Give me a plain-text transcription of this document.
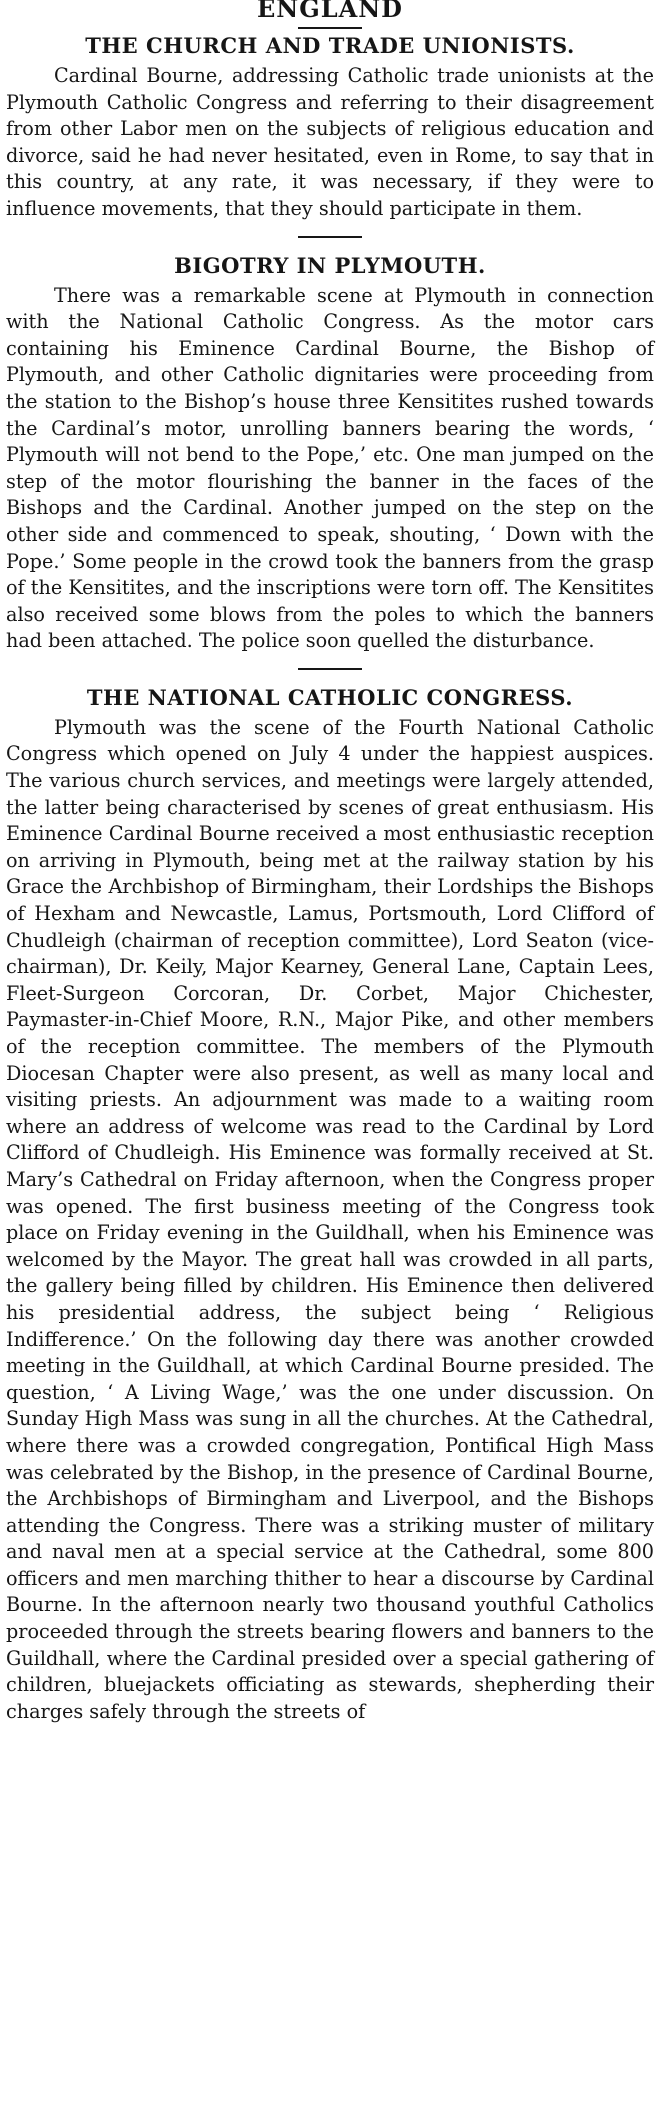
ENGLAND
THE CHURCH AND TRADE UNIONISTS.

Cardinal Bourne, addressing Catholic trade unionists at the Plymouth Catholic Congress and referring to their disagreement from other Labor men on the subjects of religious education and divorce, said he had never hesitated, even in Rome, to say that in this country, at any rate, it was necessary, if they were to influence movements, that they should participate in them.

BIGOTRY IN PLYMOUTH.

There was a remarkable scene at Plymouth in connection with the National Catholic Congress. As the motor cars containing his Eminence Cardinal Bourne, the Bishop of Plymouth, and other Catholic dignitaries were proceeding from the station to the Bishop’s house three Kensitites rushed towards the Cardinal’s motor, unrolling banners bearing the words, ‘ Plymouth will not bend to the Pope,’ etc. One man jumped on the step of the motor flourishing the banner in the faces of the Bishops and the Cardinal. Another jumped on the step on the other side and commenced to speak, shouting, ‘ Down with the Pope.’ Some people in the crowd took the banners from the grasp of the Kensitites, and the inscriptions were torn off. The Kensitites also received some blows from the poles to which the banners had been attached. The police soon quelled the disturbance.

THE NATIONAL CATHOLIC CONGRESS.

Plymouth was the scene of the Fourth National Catholic Congress which opened on July 4 under the happiest auspices. The various church services, and meetings were largely attended, the latter being characterised by scenes of great enthusiasm. His Eminence Cardinal Bourne received a most enthusiastic reception on arriving in Plymouth, being met at the railway station by his Grace the Archbishop of Birmingham, their Lordships the Bishops of Hexham and Newcastle, Lamus, Portsmouth, Lord Clifford of Chudleigh (chairman of reception committee), Lord Seaton (vice-chairman), Dr. Keily, Major Kearney, General Lane, Captain Lees, Fleet-Surgeon Corcoran, Dr. Corbet, Major Chichester, Paymaster-in-Chief Moore, R.N., Major Pike, and other members of the reception committee. The members of the Plymouth Diocesan Chapter were also present, as well as many local and visiting priests. An adjournment was made to a waiting room where an address of welcome was read to the Cardinal by Lord Clifford of Chudleigh. His Eminence was formally received at St. Mary’s Cathedral on Friday afternoon, when the Congress proper was opened. The first business meeting of the Congress took place on Friday evening in the Guildhall, when his Eminence was welcomed by the Mayor. The great hall was crowded in all parts, the gallery being filled by children. His Eminence then delivered his presidential address, the subject being ‘ Religious Indifference.’ On the following day there was another crowded meeting in the Guildhall, at which Cardinal Bourne presided. The question, ‘ A Living Wage,’ was the one under discussion. On Sunday High Mass was sung in all the churches. At the Cathedral, where there was a crowded congregation, Pontifical High Mass was celebrated by the Bishop, in the presence of Cardinal Bourne, the Archbishops of Birmingham and Liverpool, and the Bishops attending the Congress. There was a striking muster of military and naval men at a special service at the Cathedral, some 800 officers and men marching thither to hear a discourse by Cardinal Bourne. In the afternoon nearly two thousand youthful Catholics proceeded through the streets bearing flowers and banners to the Guildhall, where the Cardinal presided over a special gathering of children, bluejackets officiating as stewards, shepherding their charges safely through the streets of
